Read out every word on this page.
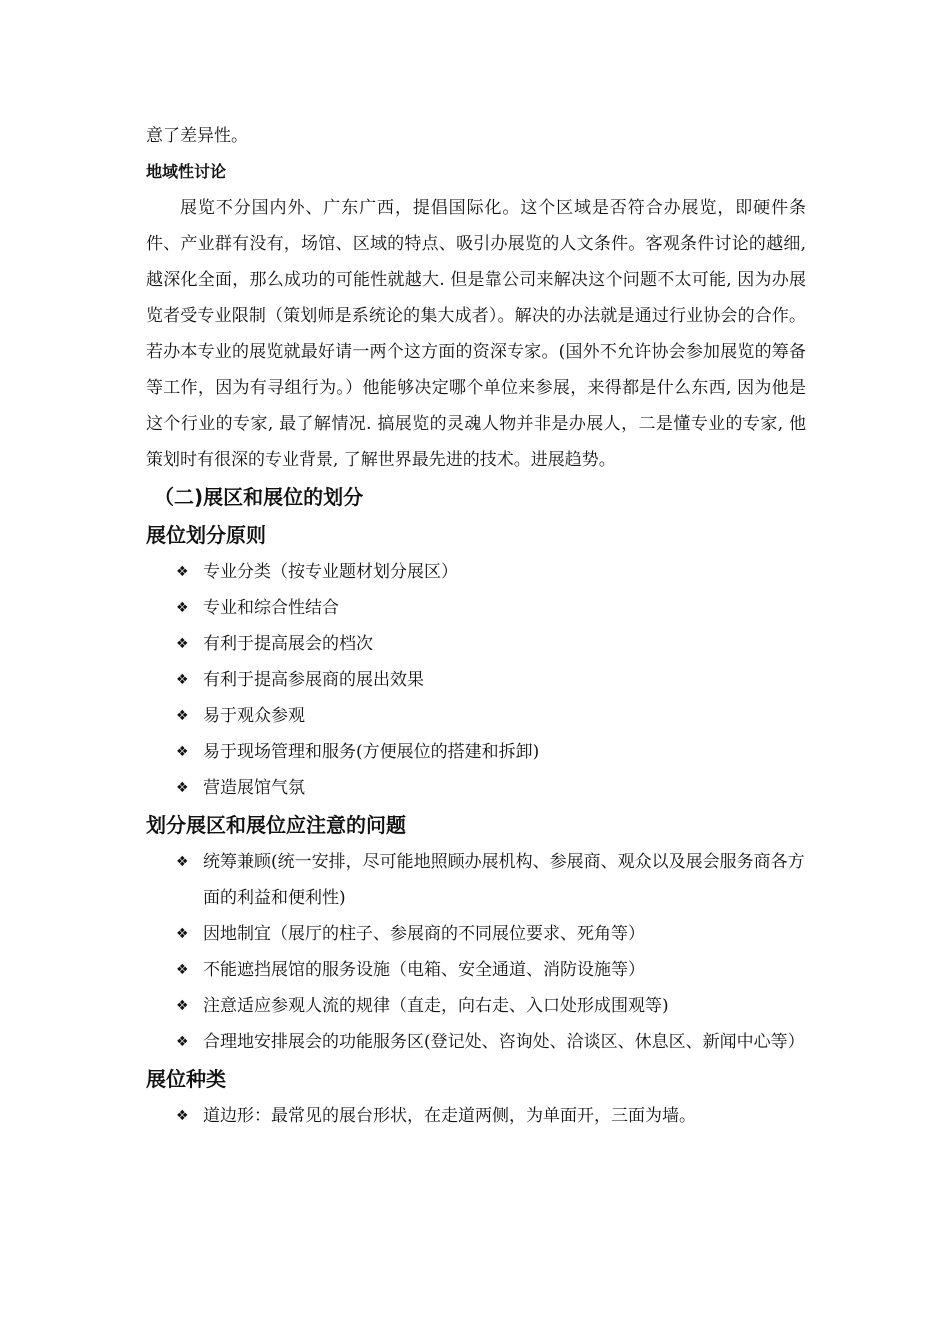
意了差异性。

地域性讨论

展览不分国内外、广东广西，提倡国际化。这个区域是否符合办展览，即硬件条件、产业群有没有，场馆、区域的特点、吸引办展览的人文条件。客观条件讨论的越细, 越深化全面，那么成功的可能性就越大. 但是靠公司来解决这个问题不太可能, 因为办展览者受专业限制（策划师是系统论的集大成者）。解决的办法就是通过行业协会的合作。若办本专业的展览就最好请一两个这方面的资深专家。(国外不允许协会参加展览的筹备等工作，因为有寻组行为。）他能够决定哪个单位来参展，来得都是什么东西, 因为他是这个行业的专家, 最了解情况. 搞展览的灵魂人物并非是办展人，二是懂专业的专家, 他策划时有很深的专业背景, 了解世界最先进的技术。进展趋势。

（二)展区和展位的划分

展位划分原则

❖ 专业分类（按专业题材划分展区）
❖ 专业和综合性结合
❖ 有利于提高展会的档次
❖ 有利于提高参展商的展出效果
❖ 易于观众参观
❖ 易于现场管理和服务(方便展位的搭建和拆卸)
❖ 营造展馆气氛

划分展区和展位应注意的问题

❖ 统筹兼顾(统一安排，尽可能地照顾办展机构、参展商、观众以及展会服务商各方面的利益和便利性)
❖ 因地制宜（展厅的柱子、参展商的不同展位要求、死角等）
❖ 不能遮挡展馆的服务设施（电箱、安全通道、消防设施等）
❖ 注意适应参观人流的规律（直走，向右走、入口处形成围观等)
❖ 合理地安排展会的功能服务区(登记处、咨询处、洽谈区、休息区、新闻中心等）

展位种类

❖ 道边形：最常见的展台形状，在走道两侧，为单面开，三面为墙。
